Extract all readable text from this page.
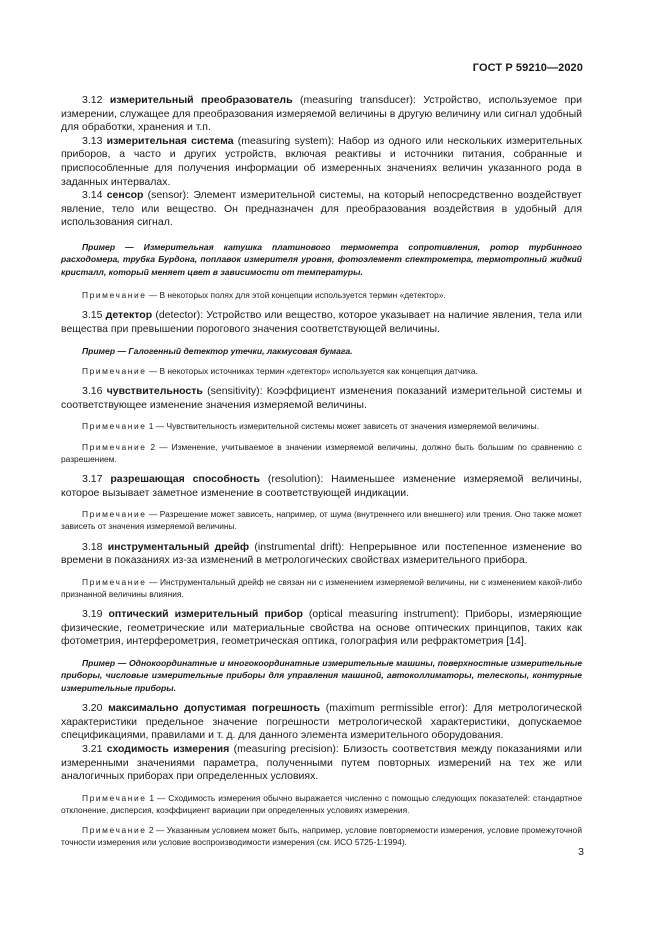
ГОСТ Р 59210—2020

3.12 измерительный преобразователь (measuring transducer): Устройство, используемое при измерении, служащее для преобразования измеряемой величины в другую величину или сигнал удобный для обработки, хранения и т.п.

3.13 измерительная система (measuring system): Набор из одного или нескольких измерительных приборов, а часто и других устройств, включая реактивы и источники питания, собранные и приспособленные для получения информации об измеренных значениях величин указанного рода в заданных интервалах.

3.14 сенсор (sensor): Элемент измерительной системы, на который непосредственно воздействует явление, тело или вещество. Он предназначен для преобразования воздействия в удобный для использования сигнал.

Пример — Измерительная катушка платинового термометра сопротивления, ротор турбинного расходомера, трубка Бурдона, поплавок измерителя уровня, фотоэлемент спектрометра, термотропный жидкий кристалл, который меняет цвет в зависимости от температуры.

Примечание — В некоторых полях для этой концепции используется термин «детектор».

3.15 детектор (detector): Устройство или вещество, которое указывает на наличие явления, тела или вещества при превышении порогового значения соответствующей величины.

Пример — Галогенный детектор утечки, лакмусовая бумага.

Примечание — В некоторых источниках термин «детектор» используется как концепция датчика.

3.16 чувствительность (sensitivity): Коэффициент изменения показаний измерительной системы и соответствующее изменение значения измеряемой величины.

Примечание 1 — Чувствительность измерительной системы может зависеть от значения измеряемой величины.

Примечание 2 — Изменение, учитываемое в значении измеряемой величины, должно быть большим по сравнению с разрешением.

3.17 разрешающая способность (resolution): Наименьшее изменение измеряемой величины, которое вызывает заметное изменение в соответствующей индикации.

Примечание — Разрешение может зависеть, например, от шума (внутреннего или внешнего) или трения. Оно также может зависеть от значения измеряемой величины.

3.18 инструментальный дрейф (instrumental drift): Непрерывное или постепенное изменение во времени в показаниях из-за изменений в метрологических свойствах измерительного прибора.

Примечание — Инструментальный дрейф не связан ни с изменением измеряемой величины, ни с изменением какой-либо признанной величины влияния.

3.19 оптический измерительный прибор (optical measuring instrument): Приборы, измеряющие физические, геометрические или материальные свойства на основе оптических принципов, таких как фотометрия, интерферометрия, геометрическая оптика, голография или рефрактометрия [14].

Пример — Однокоординатные и многокоординатные измерительные машины, поверхностные измерительные приборы, числовые измерительные приборы для управления машиной, автоколлиматоры, телескопы, контурные измерительные приборы.

3.20 максимально допустимая погрешность (maximum permissible error): Для метрологической характеристики предельное значение погрешности метрологической характеристики, допускаемое спецификациями, правилами и т. д. для данного элемента измерительного оборудования.

3.21 сходимость измерения (measuring precision): Близость соответствия между показаниями или измеренными значениями параметра, полученными путем повторных измерений на тех же или аналогичных приборах при определенных условиях.

Примечание 1 — Сходимость измерения обычно выражается численно с помощью следующих показателей: стандартное отклонение, дисперсия, коэффициент вариации при определенных условиях измерения.

Примечание 2 — Указанным условием может быть, например, условие повторяемости измерения, условие промежуточной точности измерения или условие воспроизводимости измерения (см. ИСО 5725-1:1994).

3
